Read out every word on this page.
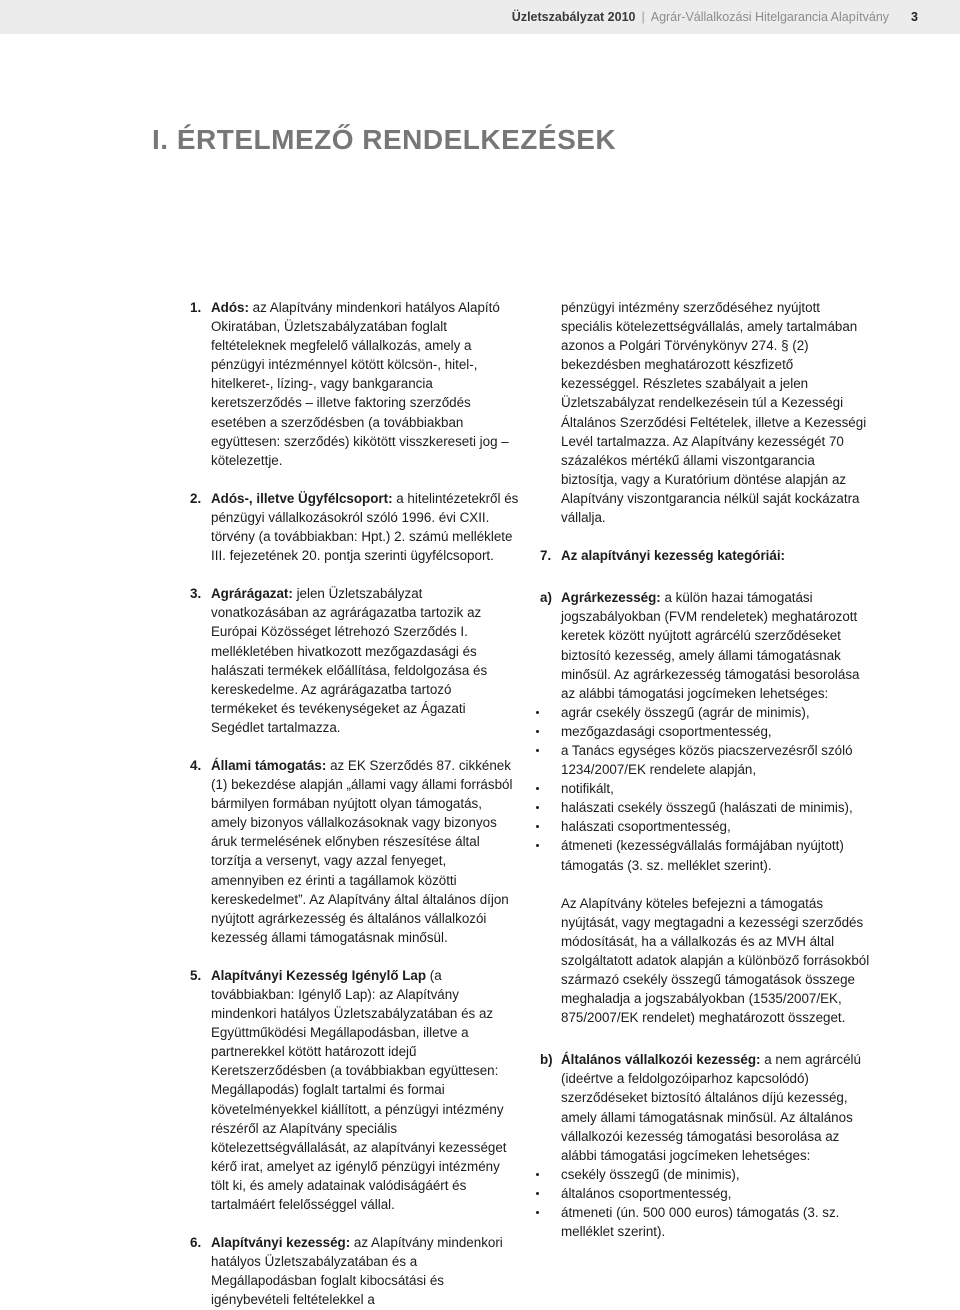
Üzletszabályzat 2010 | Agrár-Vállalkozási Hitelgarancia Alapítvány 3
I. ÉRTELMEZŐ RENDELKEZÉSEK
1. Adós: az Alapítvány mindenkori hatályos Alapító Okiratában, Üzletszabályzatában foglalt feltételeknek megfelelő vállalkozás, amely a pénzügyi intézménnyel kötött kölcsön-, hitel-, hitelkeret-, lízing-, vagy bankgarancia keretszerződés – illetve faktoring szerződés esetében a szerződésben (a továbbiakban együttesen: szerződés) kikötött visszkereseti jog – kötelezettje.

2. Adós-, illetve Ügyfélcsoport: a hitelintézetekről és pénzügyi vállalkozásokról szóló 1996. évi CXII. törvény (a továbbiakban: Hpt.) 2. számú melléklete III. fejezetének 20. pontja szerinti ügyfélcsoport.

3. Agrárágazat: jelen Üzletszabályzat vonatkozásában az agrárágazatba tartozik az Európai Közösséget létrehozó Szerződés I. mellékletében hivatkozott mezőgazdasági és halászati termékek előállítása, feldolgozása és kereskedelme. Az agrárágazatba tartozó termékeket és tevékenységeket az Ágazati Segédlet tartalmazza.

4. Állami támogatás: az EK Szerződés 87. cikkének (1) bekezdése alapján „állami vagy állami forrásból bármilyen formában nyújtott olyan támogatás, amely bizonyos vállalkozásoknak vagy bizonyos áruk termelésének előnyben részesítése által torzítja a versenyt, vagy azzal fenyeget, amennyiben ez érinti a tagállamok közötti kereskedelmet”. Az Alapítvány által általános díjon nyújtott agrárkezesség és általános vállalkozói kezesség állami támogatásnak minősül.

5. Alapítványi Kezesség Igénylő Lap (a továbbiakban: Igénylő Lap): az Alapítvány mindenkori hatályos Üzletszabályzatában és az Együttműködési Megállapodásban, illetve a partnerekkel kötött határozott idejű Keretszerződésben (a továbbiakban együttesen: Megállapodás) foglalt tartalmi és formai követelményekkel kiállított, a pénzügyi intézmény részéről az Alapítvány speciális kötelezettségvállalását, az alapítványi kezességet kérő irat, amelyet az igénylő pénzügyi intézmény tölt ki, és amely adatainak valódiságáért és tartalmáért felelősséggel vállal.

6. Alapítványi kezesség: az Alapítvány mindenkori hatályos Üzletszabályzatában és a Megállapodásban foglalt kibocsátási és igénybevételi feltételekkel a

pénzügyi intézmény szerződéséhez nyújtott speciális kötelezettségvállalás, amely tartalmában azonos a Polgári Törvénykönyv 274. § (2) bekezdésben meghatározott készfizető kezességgel. Részletes szabályait a jelen Üzletszabályzat rendelkezésein túl a Kezességi Általános Szerződési Feltételek, illetve a Kezességi Levél tartalmazza. Az Alapítvány kezességét 70 százalékos mértékű állami viszontgarancia biztosítja, vagy a Kuratórium döntése alapján az Alapítvány viszontgarancia nélkül saját kockázatra vállalja.

7. Az alapítványi kezesség kategóriái:

a) Agrárkezesség: a külön hazai támogatási jogszabályokban (FVM rendeletek) meghatározott keretek között nyújtott agrárcélú szerződéseket biztosító kezesség, amely állami támogatásnak minősül. Az agrárkezesség támogatási besorolása az alábbi támogatási jogcímeken lehetséges:

agrár csekély összegű (agrár de minimis),
mezőgazdasági csoportmentesség,
a Tanács egységes közös piacszervezésről szóló 1234/2007/EK rendelete alapján,
notifikált,
halászati csekély összegű (halászati de minimis),
halászati csoportmentesség,
átmeneti (kezességvállalás formájában nyújtott) támogatás (3. sz. melléklet szerint).

Az Alapítvány köteles befejezni a támogatás nyújtását, vagy megtagadni a kezességi szerződés módosítását, ha a vállalkozás és az MVH által szolgáltatott adatok alapján a különböző forrásokból származó csekély összegű támogatások összege meghaladja a jogszabályokban (1535/2007/EK, 875/2007/EK rendelet) meghatározott összeget.

b) Általános vállalkozói kezesség: a nem agrárcélú (ideértve a feldolgozóiparhoz kapcsolódó) szerződéseket biztosító általános díjú kezesség, amely állami támogatásnak minősül. Az általános vállalkozói kezesség támogatási besorolása az alábbi támogatási jogcímeken lehetséges:

csekély összegű (de minimis),
általános csoportmentesség,
átmeneti (ún. 500 000 euros) támogatás (3. sz. melléklet szerint).
